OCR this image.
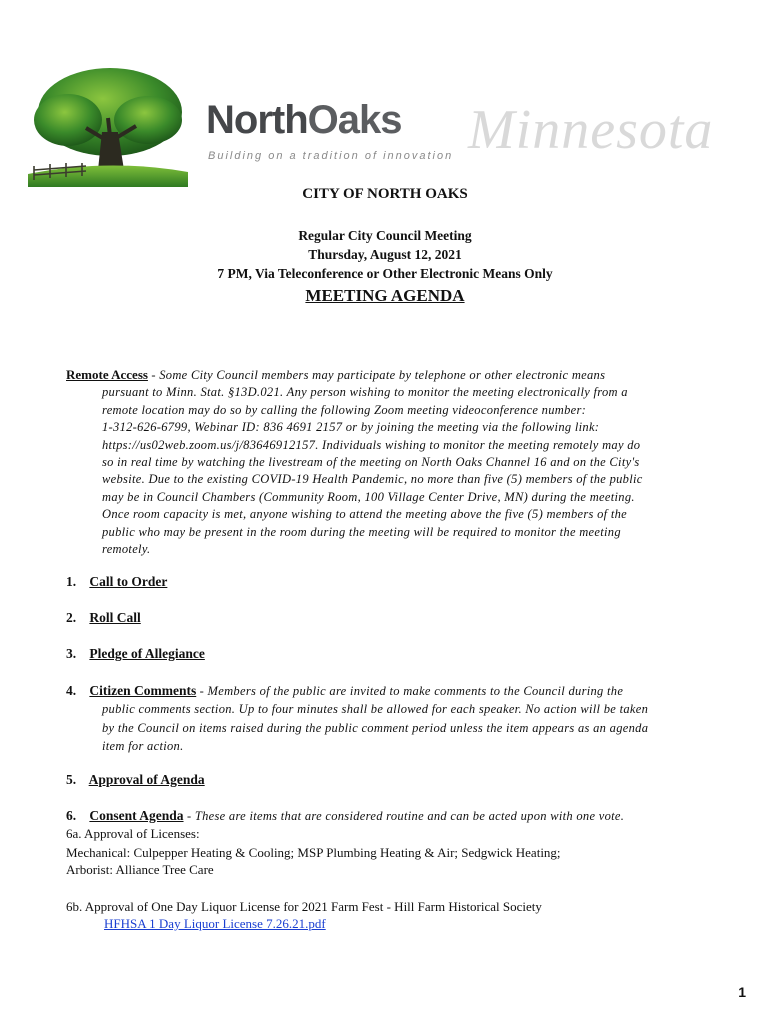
NorthOaks
Building on a tradition of innovation Minnesota
CITY OF NORTH OAKS
Regular City Council Meeting
Thursday, August 12, 2021
7 PM, Via Teleconference or Other Electronic Means Only
MEETING AGENDA
Remote Access - Some City Council members may participate by telephone or other electronic means
pursuant to Minn. Stat. §13D.021. Any person wishing to monitor the meeting electronically from a
remote location may do so by calling the following Zoom meeting videoconference number:
1-312-626-6799, Webinar ID: 836 4691 2157 or by joining the meeting via the following link:
https://us02web.zoom.us/j/83646912157. Individuals wishing to monitor the meeting remotely may do
so in real time by watching the livestream of the meeting on North Oaks Channel 16 and on the City's
website. Due to the existing COVID-19 Health Pandemic, no more than five (5) members of the public
may be in Council Chambers (Community Room, 100 Village Center Drive, MN) during the meeting.
Once room capacity is met, anyone wishing to attend the meeting above the five (5) members of the
public who may be present in the room during the meeting will be required to monitor the meeting
remotely.
1. Call to Order
2. Roll Call
3. Pledge of Allegiance
4. Citizen Comments - Members of the public are invited to make comments to the Council during the
public comments section. Up to four minutes shall be allowed for each speaker. No action will be taken
by the Council on items raised during the public comment period unless the item appears as an agenda
item for action.
5. Approval of Agenda
6. Consent Agenda - These are items that are considered routine and can be acted upon with one vote.
6a. Approval of Licenses:
Mechanical: Culpepper Heating & Cooling; MSP Plumbing Heating & Air; Sedgwick Heating;
Arborist: Alliance Tree Care
6b. Approval of One Day Liquor License for 2021 Farm Fest - Hill Farm Historical Society
HFHSA 1 Day Liquor License 7.26.21.pdf
1
